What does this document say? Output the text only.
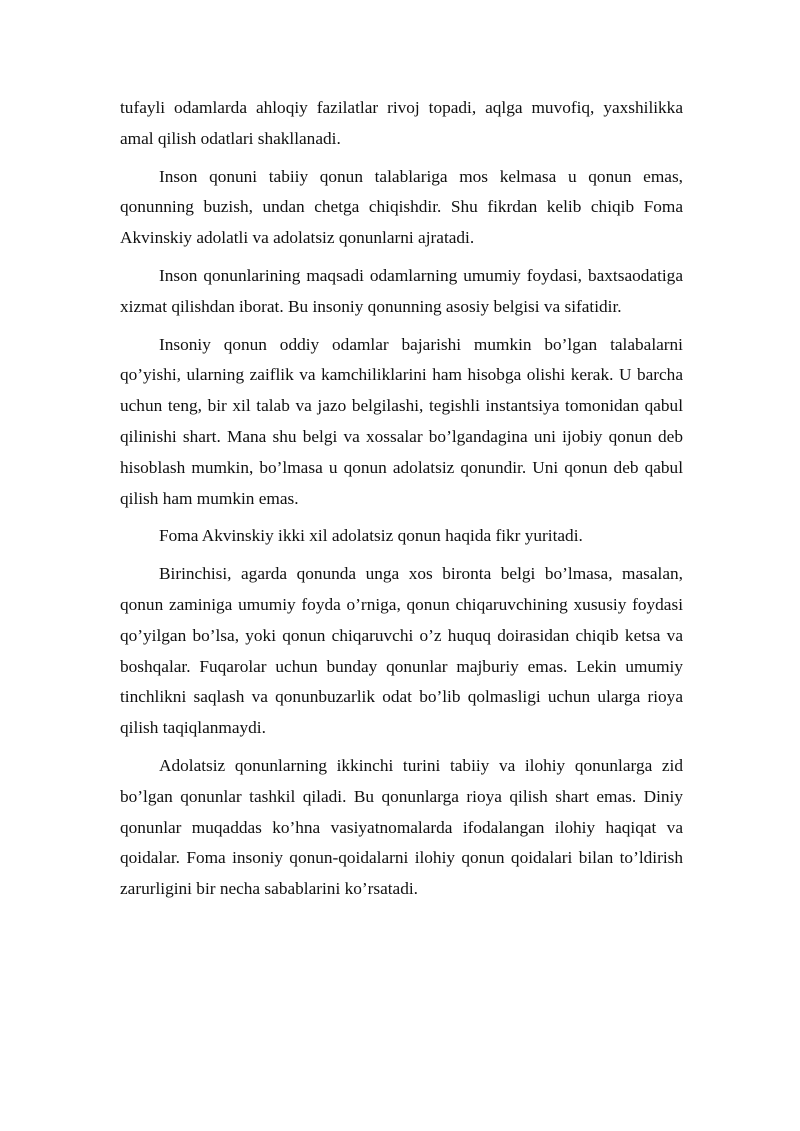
tufayli odamlarda ahloqiy fazilatlar rivoj topadi, aqlga muvofiq, yaxshilikka amal qilish odatlari shakllanadi.

Inson qonuni tabiiy qonun talablariga mos kelmasa u qonun emas, qonunning buzish, undan chetga chiqishdir. Shu fikrdan kelib chiqib Foma Akvinskiy adolatli va adolatsiz qonunlarni ajratadi.

Inson qonunlarining maqsadi odamlarning umumiy foydasi, baxtsaodatiga xizmat qilishdan iborat. Bu insoniy qonunning asosiy belgisi va sifatidir.

Insoniy qonun oddiy odamlar bajarishi mumkin bo’lgan talabalarni qo’yishi, ularning zaiflik va kamchiliklarini ham hisobga olishi kerak. U barcha uchun teng, bir xil talab va jazo belgilashi, tegishli instantsiya tomonidan qabul qilinishi shart. Mana shu belgi va xossalar bo’lgandagina uni ijobiy qonun deb hisoblash mumkin, bo’lmasa u qonun adolatsiz qonundir. Uni qonun deb qabul qilish ham mumkin emas.

Foma Akvinskiy ikki xil adolatsiz qonun haqida fikr yuritadi.

Birinchisi, agarda qonunda unga xos bironta belgi bo’lmasa, masalan, qonun zaminiga umumiy foyda o’rniga, qonun chiqaruvchining xususiy foydasi qo’yilgan bo’lsa, yoki qonun chiqaruvchi o’z huquq doirasidan chiqib ketsa va boshqalar. Fuqarolar uchun bunday qonunlar majburiy emas. Lekin umumiy tinchlikni saqlash va qonunbuzarlik odat bo’lib qolmasligi uchun ularga rioya qilish taqiqlanmaydi.

Adolatsiz qonunlarning ikkinchi turini tabiiy va ilohiy qonunlarga zid bo’lgan qonunlar tashkil qiladi. Bu qonunlarga rioya qilish shart emas. Diniy qonunlar muqaddas ko’hna vasiyatnomalarda ifodalangan ilohiy haqiqat va qoidalar. Foma insoniy qonun-qoidalarni ilohiy qonun qoidalari bilan to’ldirish zarurligini bir necha sabablarini ko’rsatadi.
